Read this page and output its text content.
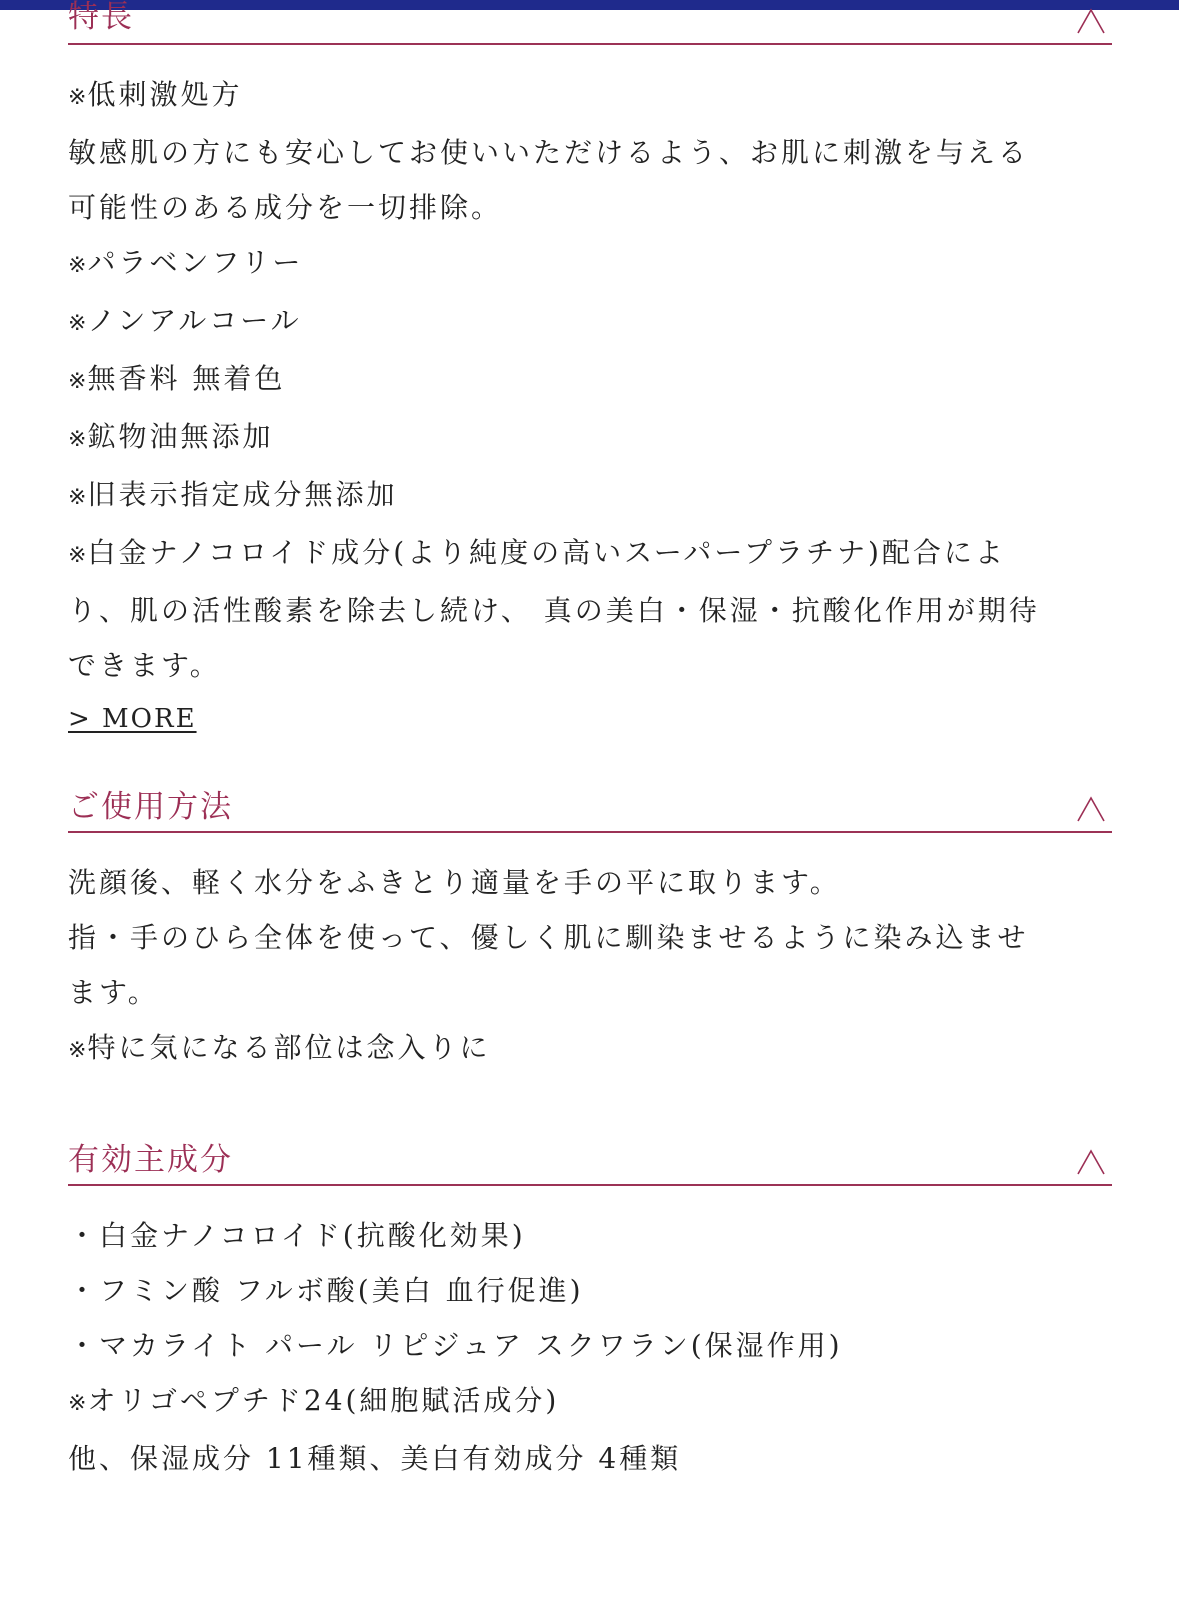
特長
※低刺激処方
敏感肌の方にも安心してお使いいただけるよう、お肌に刺激を与える
可能性のある成分を一切排除。
※パラベンフリー
※ノンアルコール
※無香料 無着色
※鉱物油無添加
※旧表示指定成分無添加
※白金ナノコロイド成分(より純度の高いスーパープラチナ)配合によ
り、肌の活性酸素を除去し続け、 真の美白・保湿・抗酸化作用が期待
できます。
> MORE
ご使用方法
洗顔後、軽く水分をふきとり適量を手の平に取ります。
指・手のひら全体を使って、優しく肌に馴染ませるように染み込ませ
ます。
※特に気になる部位は念入りに
有効主成分
・白金ナノコロイド(抗酸化効果)
・フミン酸 フルボ酸(美白 血行促進)
・マカライト パール リピジュア スクワラン(保湿作用)
※オリゴペプチド24(細胞賦活成分)
他、保湿成分 11種類、美白有効成分 4種類
